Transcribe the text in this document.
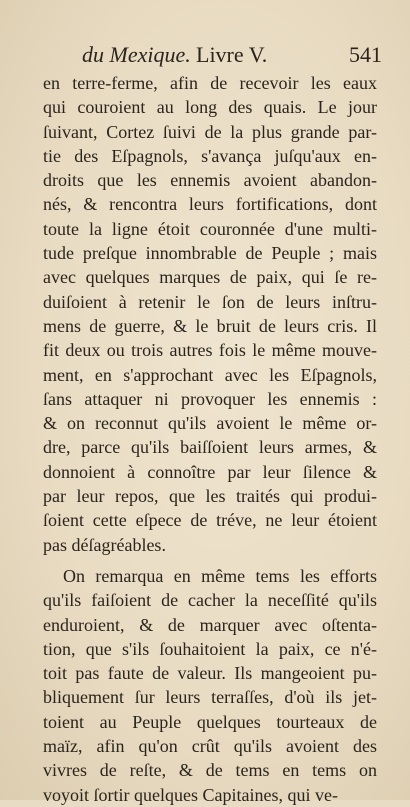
du Mexique. Livre V.	541
en terre-ferme, afin de recevoir les eaux
qui couroient au long des quais. Le jour
ſuivant, Cortez ſuivi de la plus grande par-
tie des Eſpagnols, s'avança juſqu'aux en-
droits que les ennemis avoient abandon-
nés, & rencontra leurs fortifications, dont
toute la ligne étoit couronnée d'une multi-
tude preſque innombrable de Peuple ; mais
avec quelques marques de paix, qui ſe re-
duiſoient à retenir le ſon de leurs inſtru-
mens de guerre, & le bruit de leurs cris. Il
fit deux ou trois autres fois le même mouve-
ment, en s'approchant avec les Eſpagnols,
ſans attaquer ni provoquer les ennemis :
& on reconnut qu'ils avoient le même or-
dre, parce qu'ils baiſſoient leurs armes, &
donnoient à connoître par leur ſilence &
par leur repos, que les traités qui produi-
ſoient cette eſpece de tréve, ne leur étoient
pas déſagréables.
On remarqua en même tems les efforts
qu'ils faiſoient de cacher la neceſſité qu'ils
enduroient, & de marquer avec oſtenta-
tion, que s'ils ſouhaitoient la paix, ce n'é-
toit pas faute de valeur. Ils mangeoient pu-
bliquement ſur leurs terraſſes, d'où ils jet-
toient au Peuple quelques tourteaux de
maïz, afin qu'on crût qu'ils avoient des
vivres de reſte, & de tems en tems on
voyoit ſortir quelques Capitaines, qui ve-
